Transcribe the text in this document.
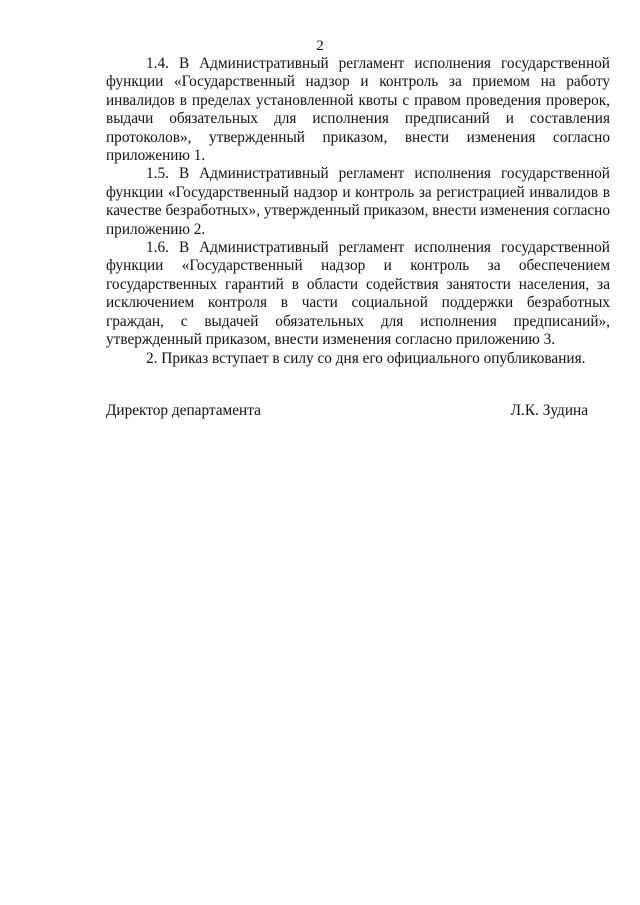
2

1.4. В Административный регламент исполнения государственной функции «Государственный надзор и контроль за приемом на работу инвалидов в пределах установленной квоты с правом проведения проверок, выдачи обязательных для исполнения предписаний и составления протоколов», утвержденный приказом, внести изменения согласно приложению 1.

1.5. В Административный регламент исполнения государственной функции «Государственный надзор и контроль за регистрацией инвалидов в качестве безработных», утвержденный приказом, внести изменения согласно приложению 2.

1.6. В Административный регламент исполнения государственной функции «Государственный надзор и контроль за обеспечением государственных гарантий в области содействия занятости населения, за исключением контроля в части социальной поддержки безработных граждан, с выдачей обязательных для исполнения предписаний», утвержденный приказом, внести изменения согласно приложению 3.

2. Приказ вступает в силу со дня его официального опубликования.

Директор департамента	Л.К. Зудина
